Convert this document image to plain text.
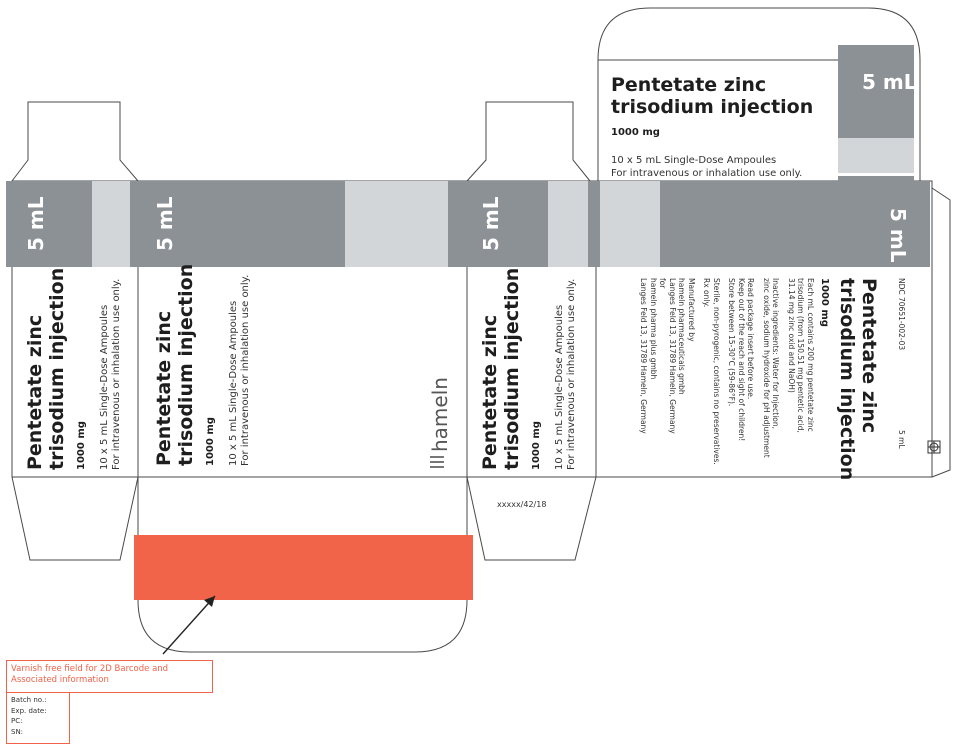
Pentetate zinc
trisodium injection
1000 mg
10 x 5 mL Single-Dose Ampoules
For intravenous or inhalation use only.
5 mL
5 mL
Pentetate zinc trisodium injection 1000 mg 10 x 5 mL Single-Dose Ampoules For intravenous or inhalation use only.
5 mL
Pentetate zinc trisodium injection 1000 mg 10 x 5 mL Single-Dose Ampoules For intravenous or inhalation use only.	hameln
5 mL
Pentetate zinc trisodium injection 1000 mg 10 x 5 mL Single-Dose Ampoules For intravenous or inhalation use only.
xxxxx/42/18
5 mL
NDC 70651-002-03
5 mL
Pentetate zinc
trisodium injection
1000 mg
Each mL contains 200 mg pentetate zinc
trisodium (from 150.51 mg pentetic acid,
31.14 mg zinc oxid and NaOH)
Inactive ingredients: Water for Injection,
zinc oxide, sodium hydroxide for pH adjustment
Read package insert before use.
Keep out of the reach and sight of children!
Store between 15-30°C (59-86°F).
Sterile, non-pyrogenic, contains no preservatives.
Rx only.
Manufactured by
hameln pharmaceuticals gmbh
Langes Feld 13, 31789 Hameln, Germany
for
hameln pharma plus gmbh
Langes Feld 13, 31789 Hameln, Germany
Varnish free field for 2D Barcode and Associated information
Batch no.:
Exp. date:
PC:
SN:
